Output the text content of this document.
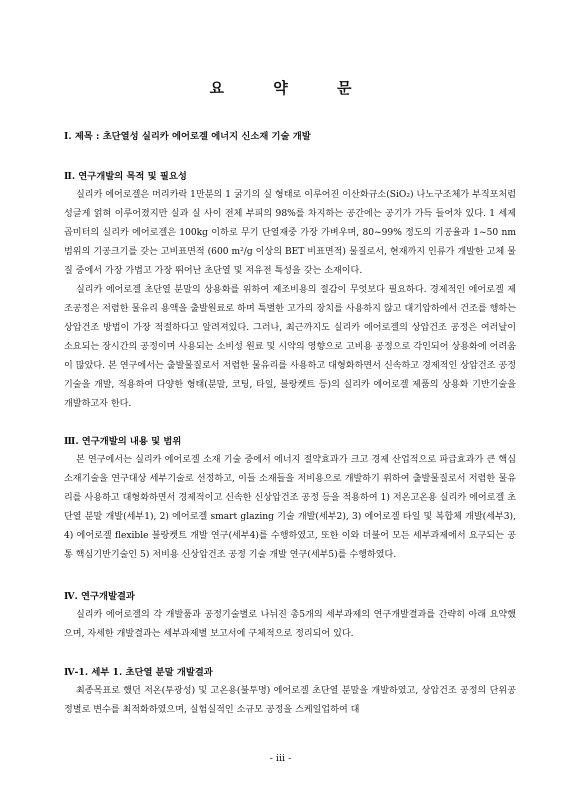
요 약 문
Ⅰ. 제목 : 초단열성 실리카 에어로겔 에너지 신소재 기술 개발
Ⅱ. 연구개발의 목적 및 필요성

실리카 에어로겔은 머리카락 1만분의 1 굵기의 실 형태로 이루어진 이산화규소(SiO₂) 나노구조체가 부직포처럼 성글게 얽혀 이루어졌지만 실과 실 사이 전체 부피의 98%를 차지하는 공간에는 공기가 가득 들어차 있다. 1 세제곱미터의 실리카 에어로겔은 100kg 이하로 무기 단열재중 가장 가벼우며, 80~99% 정도의 기공율과 1~50 nm 범위의 기공크기를 갖는 고비표면적 (600 m²/g 이상의 BET 비표면적) 물질로서, 현재까지 인류가 개발한 고체 물질 중에서 가장 가볍고 가장 뛰어난 초단열 및 저유전 특성을 갖는 소재이다.

실리카 에어로겔 초단열 분말의 상용화를 위하여 제조비용의 절감이 무엇보다 필요하다. 경제적인 에어로겔 제조공정은 저렴한 물유리 용액을 출발원료로 하며 특별한 고가의 장치를 사용하지 않고 대기압하에서 건조를 행하는 상압건조 방법이 가장 적절하다고 알려져있다. 그러나, 최근까지도 실리카 에어로겔의 상압건조 공정은 여러날이 소요되는 장시간의 공정이며 사용되는 소비성 원료 및 시약의 영향으로 고비용 공정으로 각인되어 상용화에 어려움이 많았다. 본 연구에서는 출발물질로서 저렴한 물유리를 사용하고 대형화하면서 신속하고 경제적인 상압건조 공정기술을 개발, 적용하여 다양한 형태(분말, 코팅, 타일, 블랑켓트 등)의 실리카 에어로겔 제품의 상용화 기반기술을 개발하고자 한다.

Ⅲ. 연구개발의 내용 및 범위

본 연구에서는 실리카 에어로겔 소재 기술 중에서 에너지 절약효과가 크고 경제 산업적으로 파급효과가 큰 핵심소재기술을 연구대상 세부기술로 선정하고, 이들 소재들을 저비용으로 개발하기 위하여 출발물질로서 저렴한 물유리를 사용하고 대형화하면서 경제적이고 신속한 신상압건조 공정 등을 적용하여 1) 저온고온용 실리카 에어로겔 초단열 분말 개발(세부1), 2) 에어로겔 smart glazing 기술 개발(세부2), 3) 에어로겔 타일 및 복합체 개발(세부3), 4) 에어로겔 flexible 블랑켓트 개발 연구(세부4)를 수행하였고, 또한 이와 더불어 모든 세부과제에서 요구되는 공통 핵심기반기술인 5) 저비용 신상압건조 공정 기술 개발 연구(세부5)를 수행하였다.

Ⅳ. 연구개발결과

실리카 에어로겔의 각 개발품과 공정기술별로 나뉘진 총5개의 세부과제의 연구개발결과를 간략히 아래 요약했으며, 자세한 개발결과는 세부과제별 보고서에 구체적으로 정리되어 있다.

Ⅳ-1. 세부 1. 초단열 분말 개발결과

최종목표로 했던 저온(투광성) 및 고온용(불투명) 에어로겔 초단열 분말을 개발하였고, 상압건조 공정의 단위공정별로 변수를 최적화하였으며, 실험실적인 소규모 공정을 스케일업하여 대

- iii -
